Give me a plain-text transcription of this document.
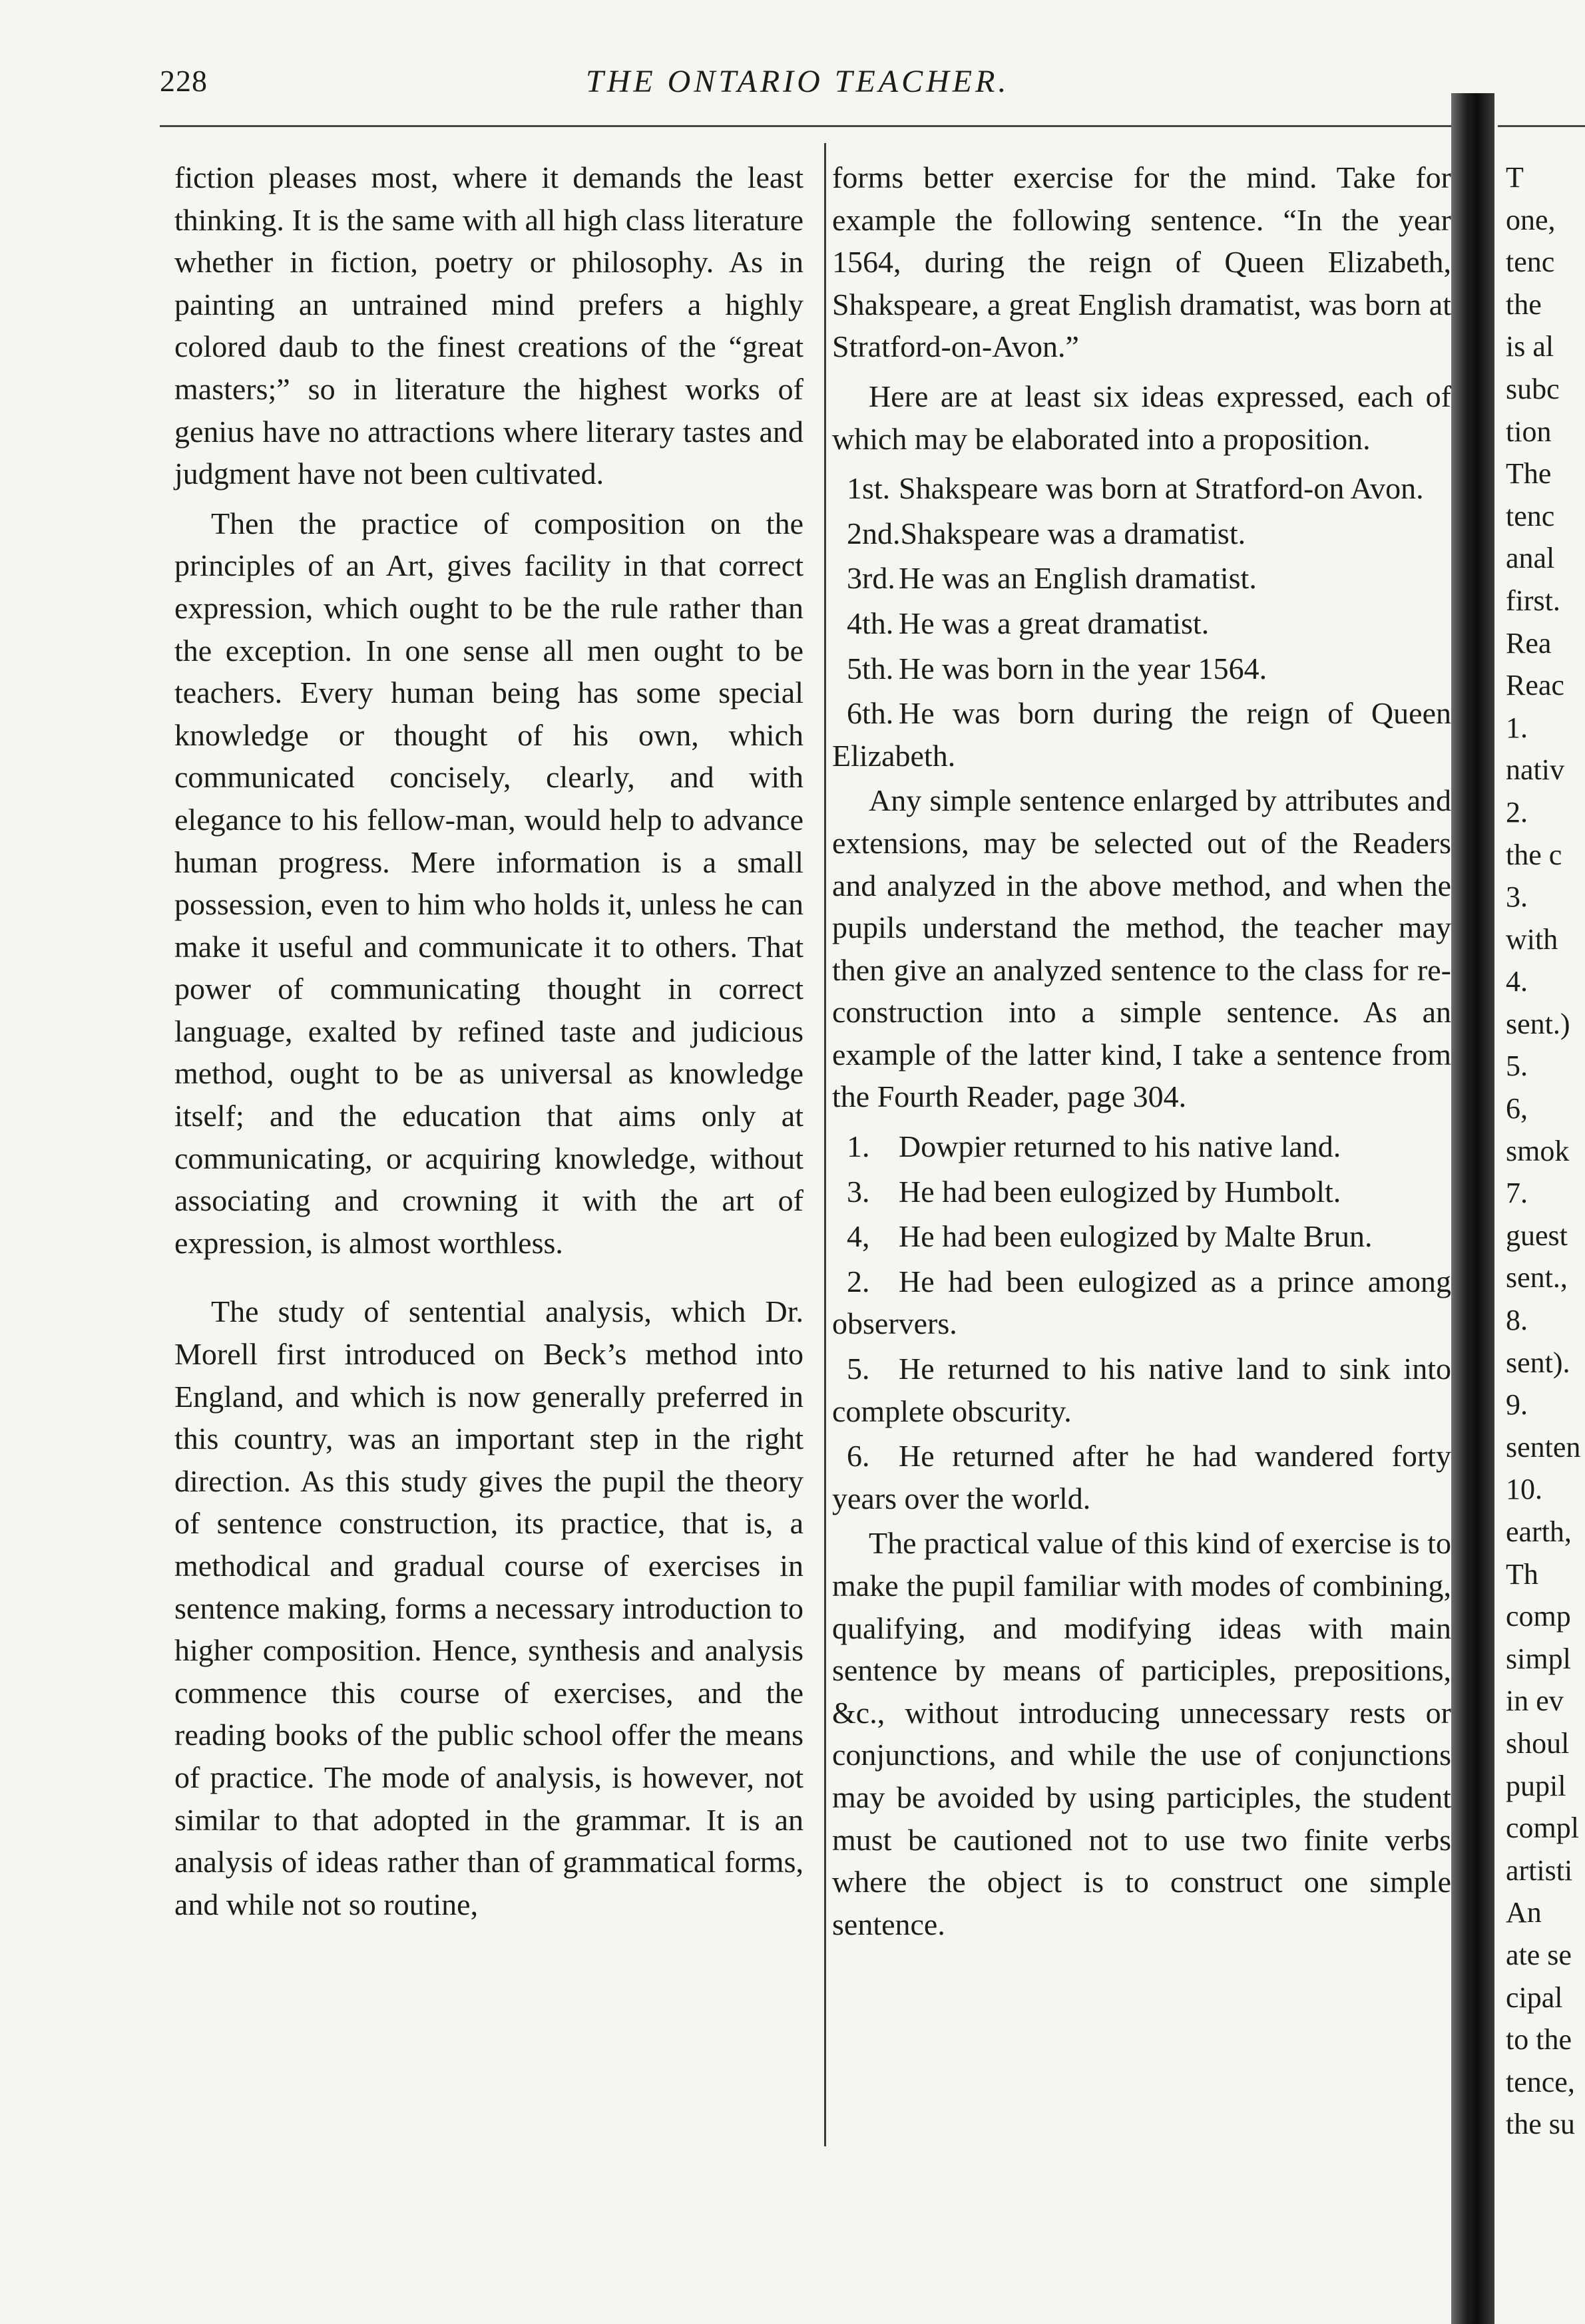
228	THE ONTARIO TEACHER.

fiction pleases most, where it demands the least thinking. It is the same with all high class literature whether in fiction, poetry or philosophy. As in painting an untrained mind prefers a highly colored daub to the finest creations of the “great masters;” so in literature the highest works of genius have no attractions where literary tastes and judgment have not been cultivated.

Then the practice of composition on the principles of an Art, gives facility in that correct expression, which ought to be the rule rather than the exception. In one sense all men ought to be teachers. Every human being has some special knowledge or thought of his own, which communicated concisely, clearly, and with elegance to his fellow-man, would help to advance human progress. Mere information is a small possession, even to him who holds it, unless he can make it useful and communicate it to others. That power of communicating thought in correct language, exalted by refined taste and judicious method, ought to be as universal as knowledge itself; and the education that aims only at communicating, or acquiring knowledge, without associating and crowning it with the art of expression, is almost worthless.

The study of sentential analysis, which Dr. Morell first introduced on Beck’s method into England, and which is now generally preferred in this country, was an important step in the right direction. As this study gives the pupil the theory of sentence construction, its practice, that is, a methodical and gradual course of exercises in sentence making, forms a necessary introduction to higher composition. Hence, synthesis and analysis commence this course of exercises, and the reading books of the public school offer the means of practice. The mode of analysis, is however, not similar to that adopted in the grammar. It is an analysis of ideas rather than of grammatical forms, and while not so routine,

forms better exercise for the mind. Take for example the following sentence. “In the year 1564, during the reign of Queen Elizabeth, Shakspeare, a great English dramatist, was born at Stratford-on-Avon.”

Here are at least six ideas expressed, each of which may be elaborated into a proposition.

1st. Shakspeare was born at Stratford-on Avon.

2nd.Shakspeare was a dramatist.

3rd. He was an English dramatist.

4th. He was a great dramatist.

5th. He was born in the year 1564.

6th. He was born during the reign of Queen Elizabeth.

Any simple sentence enlarged by attributes and extensions, may be selected out of the Readers and analyzed in the above method, and when the pupils understand the method, the teacher may then give an analyzed sentence to the class for re-construction into a simple sentence. As an example of the latter kind, I take a sentence from the Fourth Reader, page 304.

1. Dowpier returned to his native land.

3. He had been eulogized by Humbolt.

4, He had been eulogized by Malte Brun.

2. He had been eulogized as a prince among observers.

5. He returned to his native land to sink into complete obscurity.

6. He returned after he had wandered forty years over the world.

The practical value of this kind of exercise is to make the pupil familiar with modes of combining, qualifying, and modifying ideas with main sentence by means of participles, prepositions, &c., without introducing unnecessary rests or conjunctions, and while the use of conjunctions may be avoided by using participles, the student must be cautioned not to use two finite verbs where the object is to construct one simple sentence.

T
one,
tenc
the
is al
subc
tion
The
tenc
anal
first.
Rea
Reac
1.
nativ
2.
the c
3.
with
4.
sent.)
5.
6,
smok
7.
guest
sent.,
8.
sent).
9.
senten
10.
earth,
Th
comp
simpl
in ev
shoul
pupil
compl
artisti
An
ate se
cipal
to the
tence,
the su
